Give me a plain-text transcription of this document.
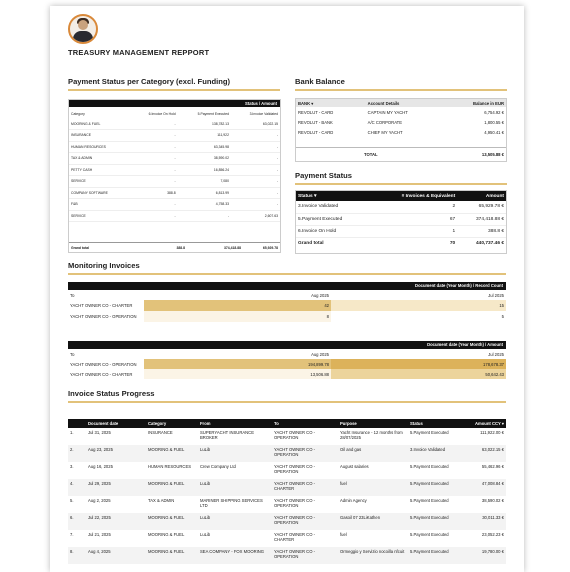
TREASURY MANAGEMENT REPPORT
Payment Status per Category (excl. Funding)
Status / Amount
Category	6.Invoice On Hold	5.Payment Executed	3.Invoice Validated
MOORING & FUEL	-	138,782.13	63,022.15
INSURANCE	-	111,922	-
HUMAN RESOURCES	-	63,345.98	-
TAX & ADMIN	-	38,590.02	-
PETTY CASH	-	16,856.24	-
SERVICE	-	7,080	-
COMPANY SOFTWARE	388.8	6,813.99	-
F&B	-	4,758.33	-
SERVICE	-	-	2,607.63
Grand total	388.8	374,418.88	65,929.78
Bank Balance
BANK ▾	Account Details	Balance in EUR
REVOLUT - CARD	CAPTAIN MY YACHT	6,754.92 €
REVOLUT - BANK	A/C CORPORATE	1,800.55 €
REVOLUT - CARD	CHIEF MY YACHT	4,950.41 €
	TOTAL	13,505.88 €
Payment Status
Status ▾	# Invoices & Equivalent	Amount
3.Invoice Validated	2	65,929.78 €
5.Payment Executed	67	374,418.88 €
6.Invoice On Hold	1	388.8 €
Grand total	70	440,737.46 €
Monitoring Invoices
Document date (Year Month) / Record Count
To	Aug 2025	Jul 2025
YACHT OWNER CO - CHARTER	42	15
YACHT OWNER CO - OPERATION	8	5
Document date (Year Month) / Amount
To	Aug 2025	Jul 2025
YACHT OWNER CO - OPERATION	194,899.78	178,678.37
YACHT OWNER CO - CHARTER	13,506.88	50,642.43
Invoice Status Progress
	Document date	Category	From	To	Purpose	Status	Amount CCY ▾
1.	Jul 31, 2025	INSURANCE	SUPERYACHT INSURANCE BROKER	YACHT OWNER CO - OPERATION	Yacht Insurance - 12 months from 28/07/2025	5.Payment Executed	111,922.00 €
2.	Aug 23, 2025	MOORING & FUEL	LuLib	YACHT OWNER CO - OPERATION	Oil and gas	3.Invoice Validated	63,022.15 €
3.	Aug 16, 2025	HUMAN RESOURCES	Crew Company Ltd	YACHT OWNER CO - OPERATION	August salaries	5.Payment Executed	55,462.96 €
4.	Jul 29, 2025	MOORING & FUEL	LuLib	YACHT OWNER CO - CHARTER	fuel	5.Payment Executed	47,008.84 €
5.	Aug 2, 2025	TAX & ADMIN	MARINER SHIPPING SERVICES LTD	YACHT OWNER CO - OPERATION	Admin Agency	5.Payment Executed	38,590.02 €
6.	Jul 22, 2025	MOORING & FUEL	LuLib	YACHT OWNER CO - OPERATION	Gasoil 07 23LiKathen	5.Payment Executed	30,011.33 €
7.	Jul 21, 2025	MOORING & FUEL	LuLib	YACHT OWNER CO - CHARTER	fuel	5.Payment Executed	23,052.23 €
8.	Aug 4, 2025	MOORING & FUEL	SEA COMPANY - FOX MOORING	YACHT OWNER CO - OPERATION	Ormeggio y Servizio nocoilla nfcuit	5.Payment Executed	19,780.00 €
